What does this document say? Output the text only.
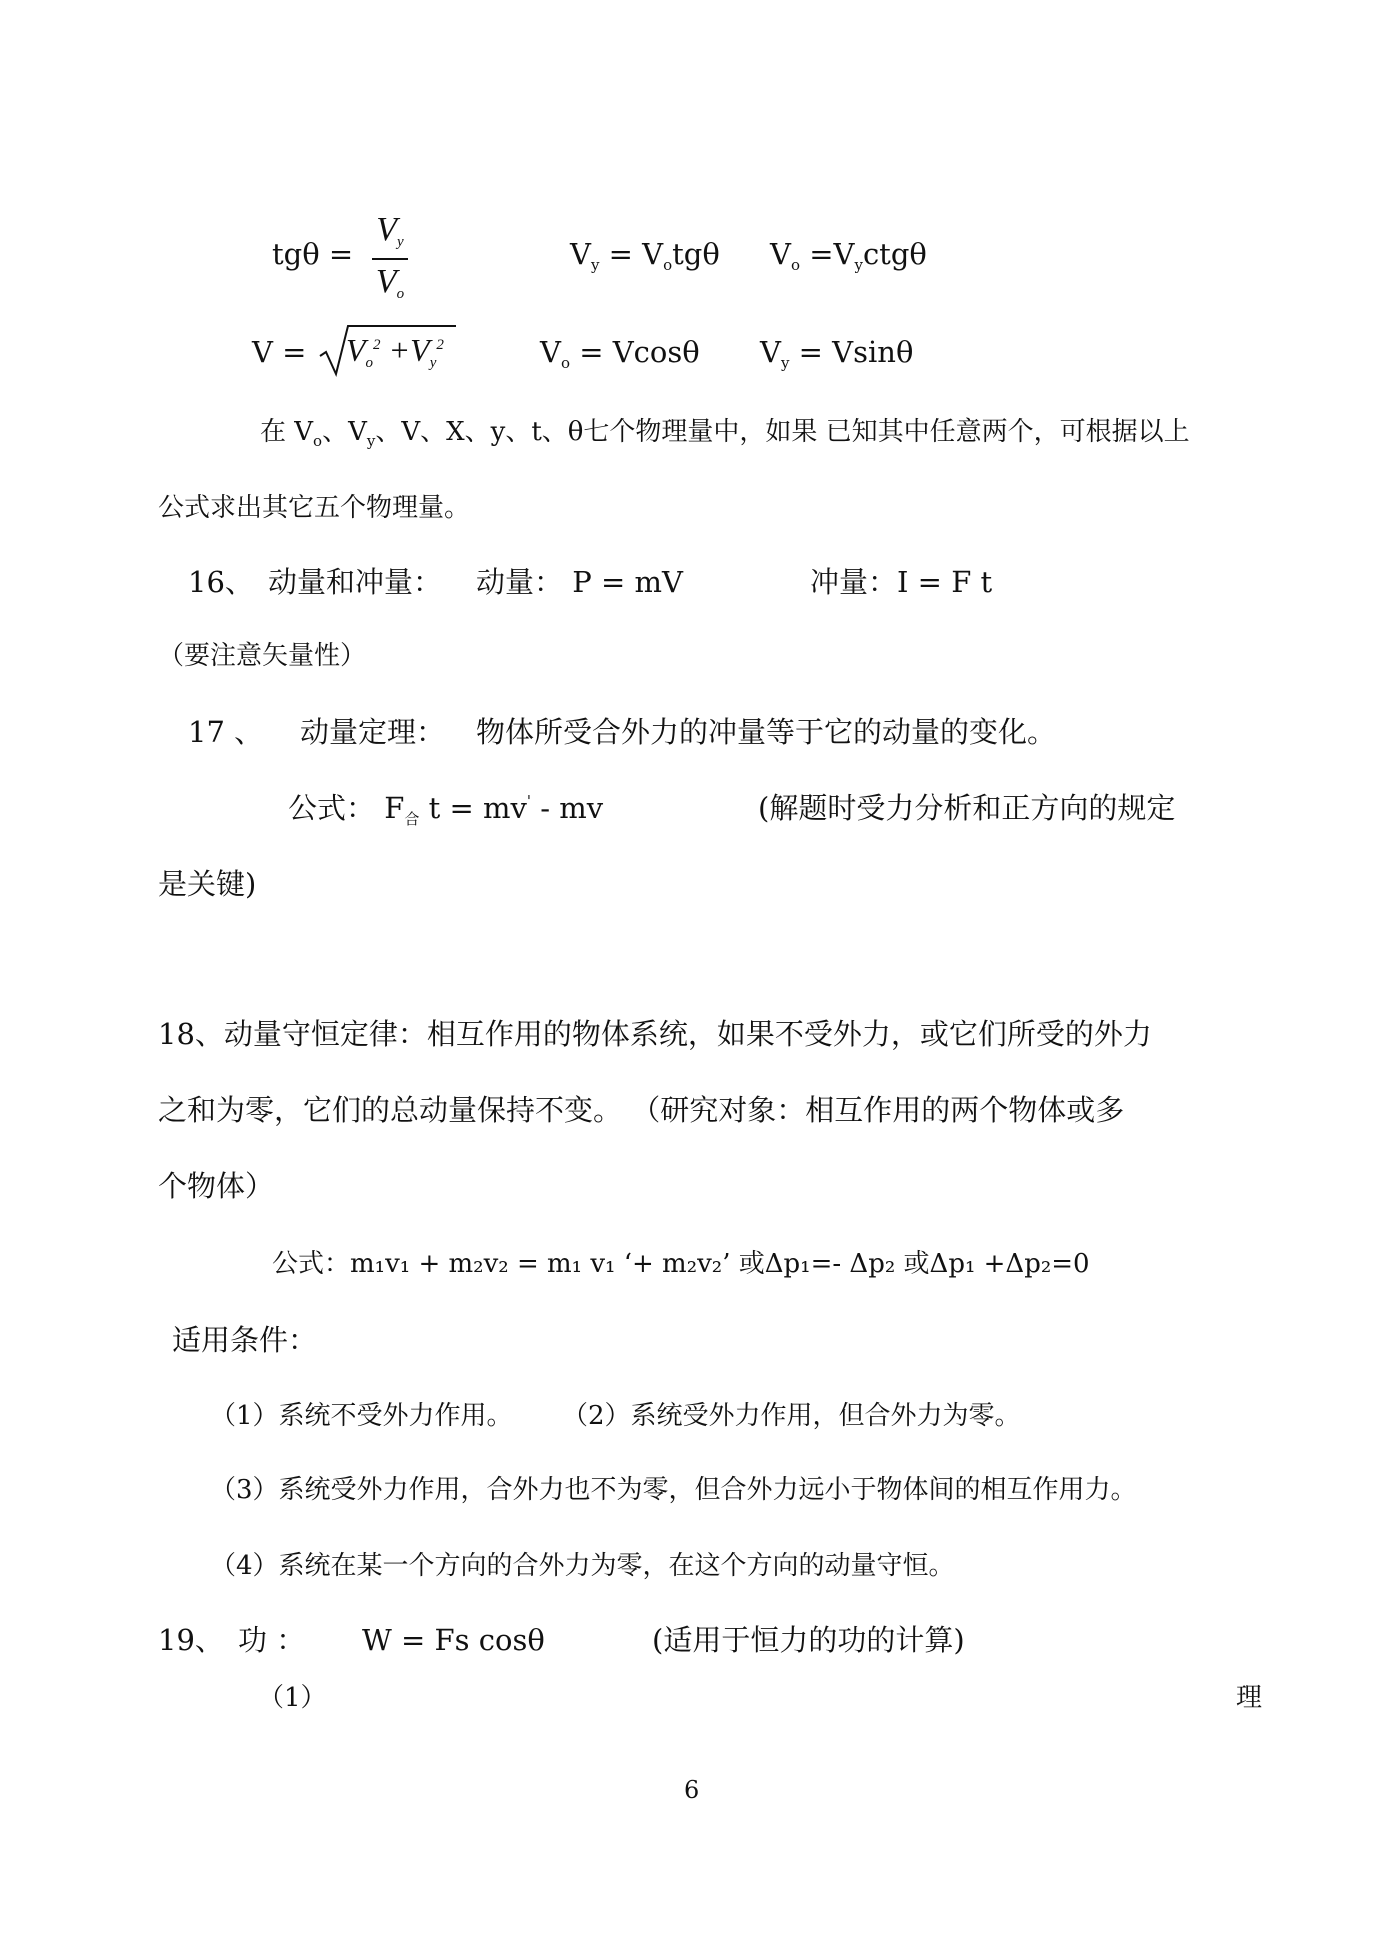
tgθ =
Vy
Vo
$V_y = V_otg\theta$ $V_o =V_yctg\theta$
$V = Vo^2 +Vy^2$	$V_o = Vcos\theta$ $V_y = Vsin\theta$
在 $V_o$、$V_y$、V、X、y、t、θ七个物理量中，如果 已知其中任意两个，可根据以上
公式求出其它五个物理量。
16、 动量和冲量： 动量： P = mV	冲量：I = F t
（要注意矢量性）
17 、 动量定理： 物体所受合外力的冲量等于它的动量的变化。
公式： $F_合$ t = mv' - mv	(解题时受力分析和正方向的规定
是关键)
18、动量守恒定律：相互作用的物体系统，如果不受外力，或它们所受的外力
之和为零，它们的总动量保持不变。 （研究对象：相互作用的两个物体或多
个物体）
公式：m₁v₁ + m₂v₂ = m₁ v₁ ‘+ m₂v₂’ 或Δp₁=- Δp₂ 或Δp₁ +Δp₂=0
适用条件：
（1）系统不受外力作用。 （2）系统受外力作用，但合外力为零。
（3）系统受外力作用，合外力也不为零，但合外力远小于物体间的相互作用力。
（4）系统在某一个方向的合外力为零，在这个方向的动量守恒。
19、 功 ： W = Fs cosθ	(适用于恒力的功的计算)
（1）	理
6
